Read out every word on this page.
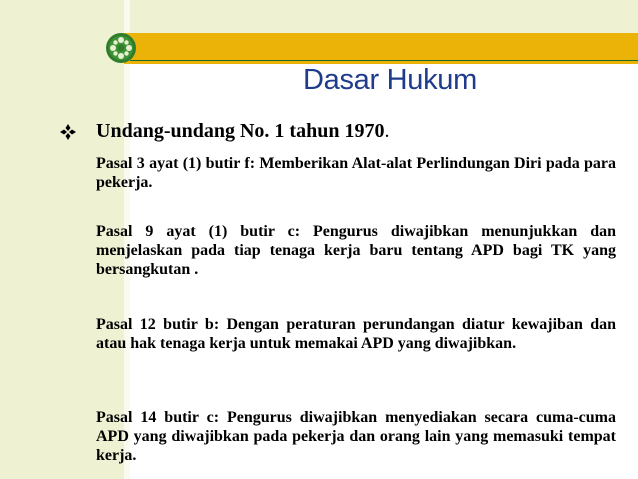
Dasar Hukum
Undang-undang No. 1 tahun 1970.
Pasal 3 ayat (1) butir f: Memberikan Alat-alat Perlindungan Diri pada para pekerja.
Pasal 9 ayat (1) butir c: Pengurus diwajibkan menunjukkan dan menjelaskan pada tiap tenaga kerja baru tentang APD bagi TK yang bersangkutan .
Pasal 12 butir b: Dengan peraturan perundangan diatur kewajiban dan atau hak tenaga kerja untuk memakai APD yang diwajibkan.
Pasal 14 butir c: Pengurus diwajibkan menyediakan secara cuma-cuma APD yang diwajibkan pada pekerja dan orang lain yang memasuki tempat kerja.
